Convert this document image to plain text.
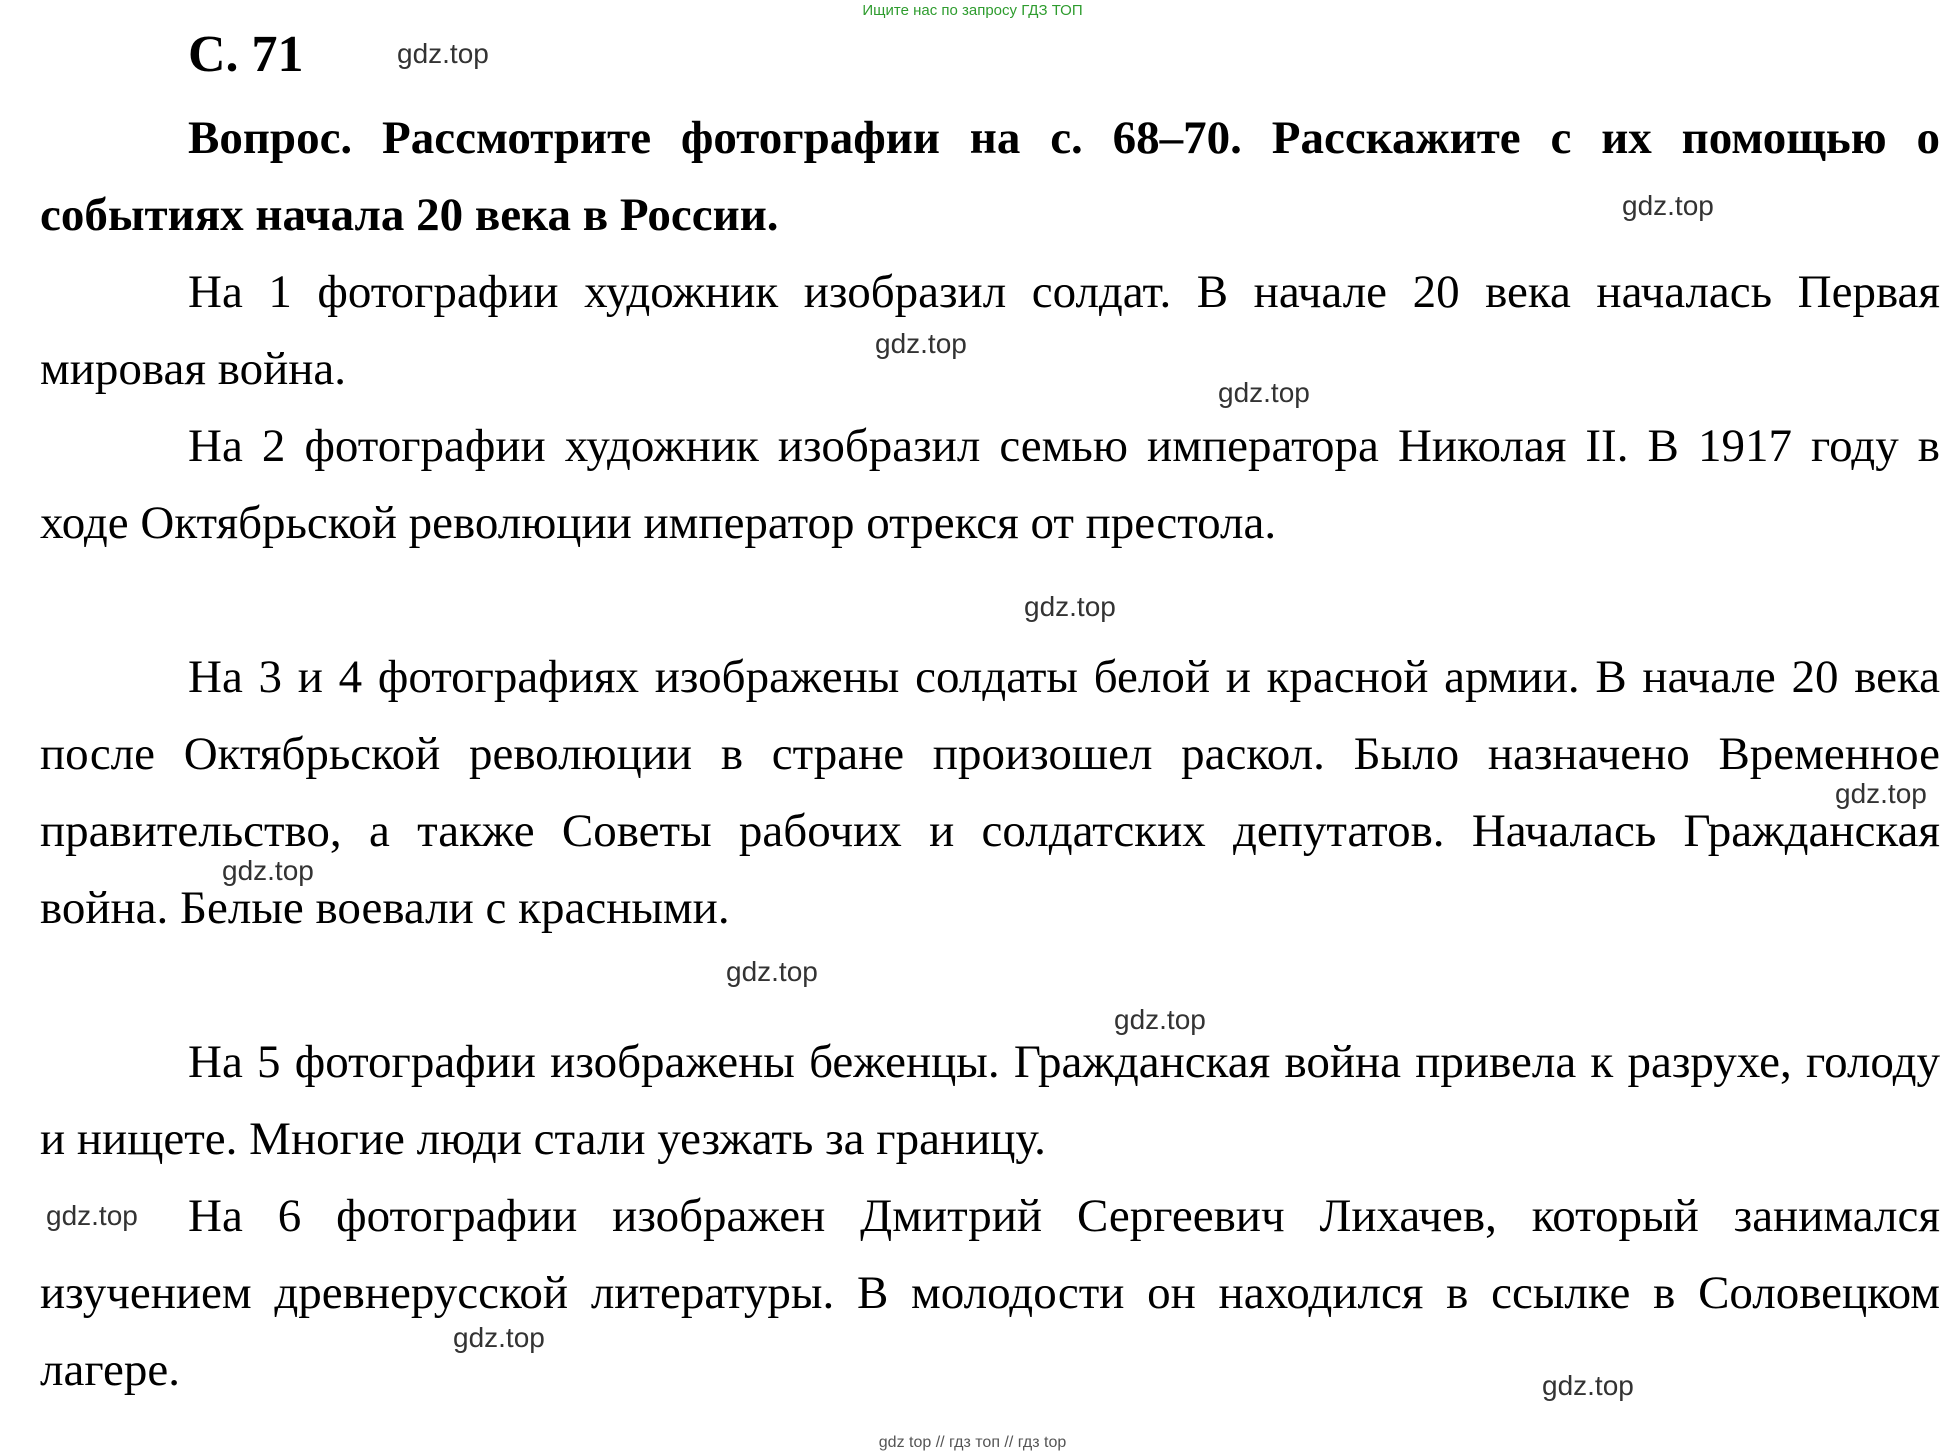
Ищите нас по запросу ГДЗ ТОП
С. 71
Вопрос. Рассмотрите фотографии на с. 68–70. Расскажите с их помощью о событиях начала 20 века в России.

На 1 фотографии художник изобразил солдат. В начале 20 века началась Первая мировая война.

На 2 фотографии художник изобразил семью императора Николая II. В 1917 году в ходе Октябрьской революции император отрекся от престола.

На 3 и 4 фотографиях изображены солдаты белой и красной армии. В начале 20 века после Октябрьской революции в стране произошел раскол. Было назначено Временное правительство, а также Советы рабочих и солдатских депутатов. Началась Гражданская война. Белые воевали с красными.

На 5 фотографии изображены беженцы. Гражданская война привела к разрухе, голоду и нищете. Многие люди стали уезжать за границу.

На 6 фотографии изображен Дмитрий Сергеевич Лихачев, который занимался изучением древнерусской литературы. В молодости он находился в ссылке в Соловецком лагере.

gdz.top
gdz.top
gdz.top
gdz.top
gdz.top
gdz.top
gdz.top
gdz.top
gdz.top
gdz.top
gdz.top
gdz.top
gdz top // гдз топ // гдз top
